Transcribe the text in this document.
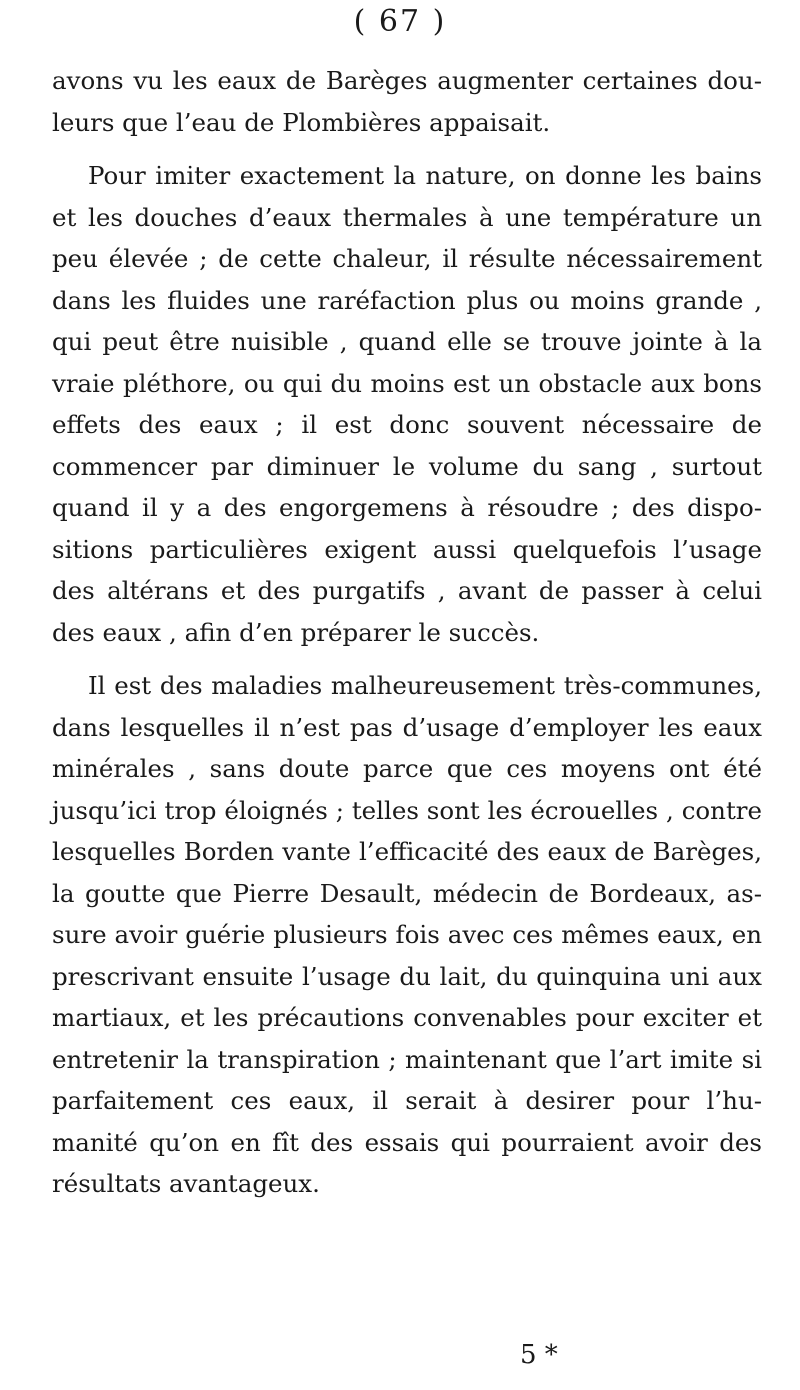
( 67 )

avons vu les eaux de Barèges augmenter certaines dou- leurs que l’eau de Plombières appaisait.

Pour imiter exactement la nature, on donne les bains et les douches d’eaux thermales à une température un peu élevée ; de cette chaleur, il résulte nécessairement dans les fluides une raréfaction plus ou moins grande , qui peut être nuisible , quand elle se trouve jointe à la vraie pléthore, ou qui du moins est un obstacle aux bons effets des eaux ; il est donc souvent nécessaire de commencer par diminuer le volume du sang , surtout quand il y a des engorgemens à résoudre ; des dispo- sitions particulières exigent aussi quelquefois l’usage des altérans et des purgatifs , avant de passer à celui des eaux , afin d’en préparer le succès.

Il est des maladies malheureusement très-communes, dans lesquelles il n’est pas d’usage d’employer les eaux minérales , sans doute parce que ces moyens ont été jusqu’ici trop éloignés ; telles sont les écrouelles , contre lesquelles Borden vante l’efficacité des eaux de Barèges, la goutte que Pierre Desault, médecin de Bordeaux, as- sure avoir guérie plusieurs fois avec ces mêmes eaux, en prescrivant ensuite l’usage du lait, du quinquina uni aux martiaux, et les précautions convenables pour exciter et entretenir la transpiration ; maintenant que l’art imite si parfaitement ces eaux, il serait à desirer pour l’hu- manité qu’on en fît des essais qui pourraient avoir des résultats avantageux.

5 *
